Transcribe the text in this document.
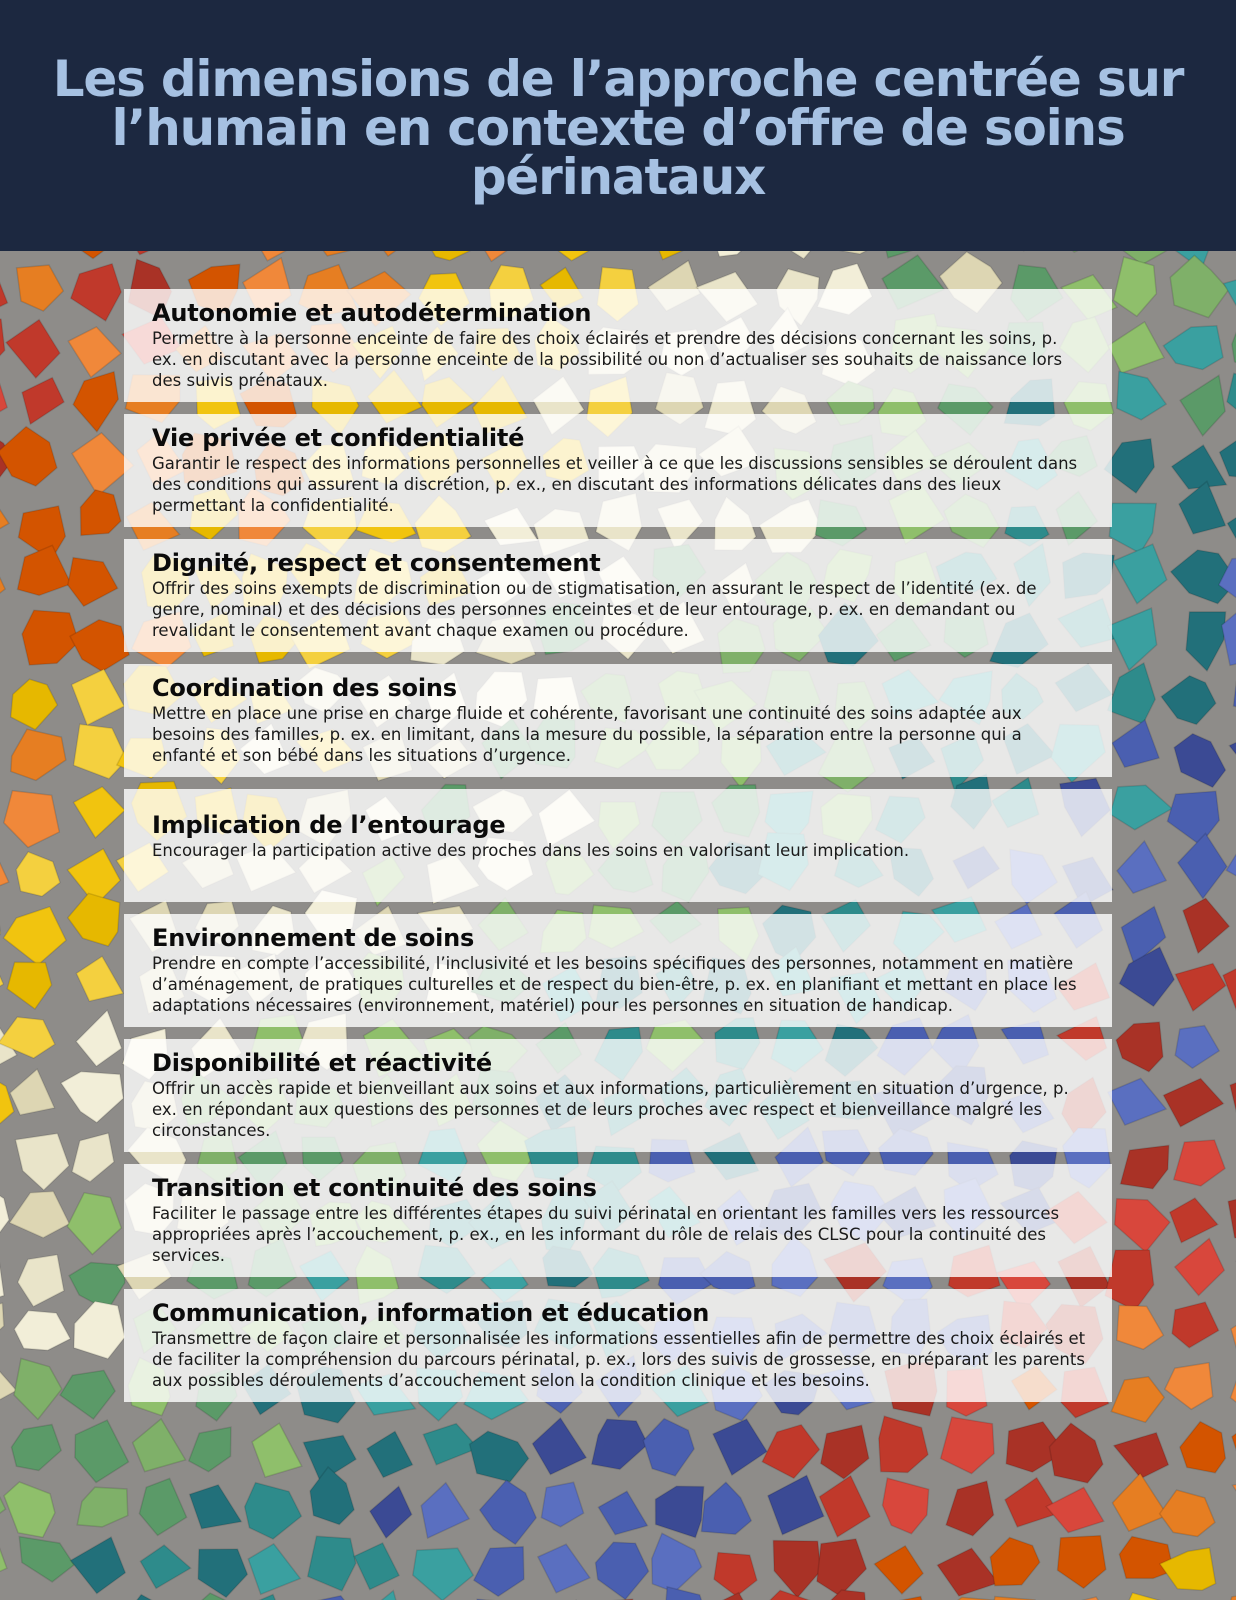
Les dimensions de l’approche centrée sur l’humain en contexte d’offre de soins périnataux
Autonomie et autodétermination

Permettre à la personne enceinte de faire des choix éclairés et prendre des décisions concernant les soins, p. ex. en discutant avec la personne enceinte de la possibilité ou non d’actualiser ses souhaits de naissance lors des suivis prénataux.

Vie privée et confidentialité

Garantir le respect des informations personnelles et veiller à ce que les discussions sensibles se déroulent dans des conditions qui assurent la discrétion, p. ex., en discutant des informations délicates dans des lieux permettant la confidentialité.

Dignité, respect et consentement

Offrir des soins exempts de discrimination ou de stigmatisation, en assurant le respect de l’identité (ex. de genre, nominal) et des décisions des personnes enceintes et de leur entourage, p. ex. en demandant ou revalidant le consentement avant chaque examen ou procédure.

Coordination des soins

Mettre en place une prise en charge fluide et cohérente, favorisant une continuité des soins adaptée aux besoins des familles, p. ex. en limitant, dans la mesure du possible, la séparation entre la personne qui a enfanté et son bébé dans les situations d’urgence.

Implication de l’entourage

Encourager la participation active des proches dans les soins en valorisant leur implication.

Environnement de soins

Prendre en compte l’accessibilité, l’inclusivité et les besoins spécifiques des personnes, notamment en matière d’aménagement, de pratiques culturelles et de respect du bien-être, p. ex. en planifiant et mettant en place les adaptations nécessaires (environnement, matériel) pour les personnes en situation de handicap.

Disponibilité et réactivité

Offrir un accès rapide et bienveillant aux soins et aux informations, particulièrement en situation d’urgence, p. ex. en répondant aux questions des personnes et de leurs proches avec respect et bienveillance malgré les circonstances.

Transition et continuité des soins

Faciliter le passage entre les différentes étapes du suivi périnatal en orientant les familles vers les ressources appropriées après l’accouchement, p. ex., en les informant du rôle de relais des CLSC pour la continuité des services.

Communication, information et éducation

Transmettre de façon claire et personnalisée les informations essentielles afin de permettre des choix éclairés et de faciliter la compréhension du parcours périnatal, p. ex., lors des suivis de grossesse, en préparant les parents aux possibles déroulements d’accouchement selon la condition clinique et les besoins.
